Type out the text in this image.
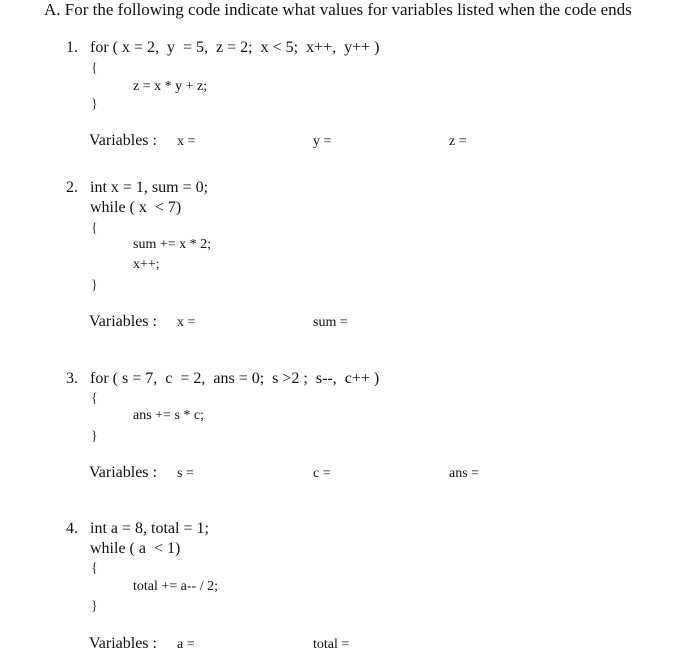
A. For the following code indicate what values for variables listed when the code ends
1. for ( x = 2,  y  = 5,  z = 2;  x < 5;  x++,  y++ )
{
z = x * y + z;
}
Variables : x =	y =	z =
2. int x = 1, sum = 0;
while ( x  < 7)
{
sum += x * 2;
x++;
}
Variables : x =	sum =
3. for ( s = 7,  c  = 2,  ans = 0;  s >2 ;  s--,  c++ )
{
ans += s * c;
}
Variables : s =	c =	ans =
4. int a = 8, total = 1;
while ( a  < 1)
{
total += a-- / 2;
}
Variables : a =	total =
